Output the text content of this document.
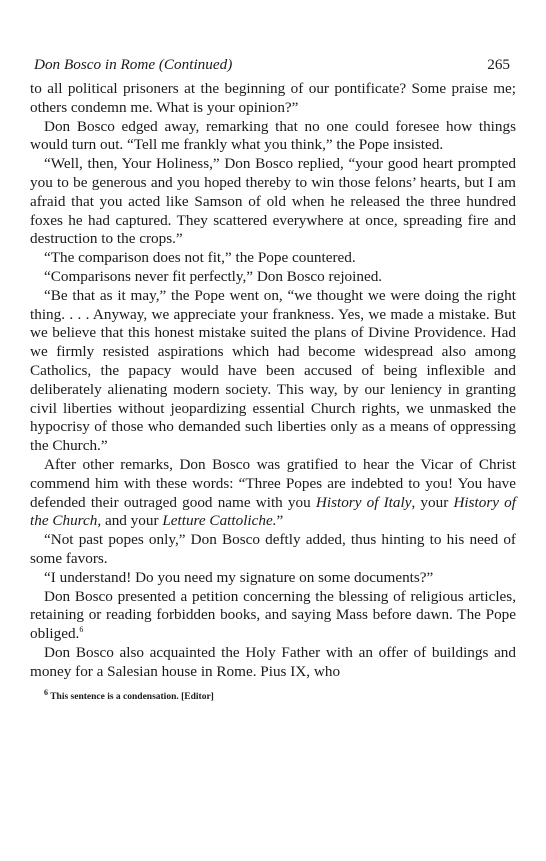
Don Bosco in Rome (Continued)	265

to all political prisoners at the beginning of our pontificate? Some praise me; others condemn me. What is your opinion?”

Don Bosco edged away, remarking that no one could foresee how things would turn out. “Tell me frankly what you think,” the Pope insisted.

“Well, then, Your Holiness,” Don Bosco replied, “your good heart prompted you to be generous and you hoped thereby to win those felons’ hearts, but I am afraid that you acted like Samson of old when he released the three hundred foxes he had captured. They scattered everywhere at once, spreading fire and destruction to the crops.”

“The comparison does not fit,” the Pope countered.

“Comparisons never fit perfectly,” Don Bosco rejoined.

“Be that as it may,” the Pope went on, “we thought we were doing the right thing. . . . Anyway, we appreciate your frankness. Yes, we made a mistake. But we believe that this honest mistake suited the plans of Divine Providence. Had we firmly resisted aspirations which had become widespread also among Catholics, the papacy would have been accused of being inflexible and deliberately alienating modern society. This way, by our leniency in granting civil liberties without jeopardizing essential Church rights, we unmasked the hypocrisy of those who demanded such liberties only as a means of oppressing the Church.”

After other remarks, Don Bosco was gratified to hear the Vicar of Christ commend him with these words: “Three Popes are indebted to you! You have defended their outraged good name with you History of Italy, your History of the Church, and your Letture Cattoliche.”

“Not past popes only,” Don Bosco deftly added, thus hinting to his need of some favors.

“I understand! Do you need my signature on some documents?”

Don Bosco presented a petition concerning the blessing of religious articles, retaining or reading forbidden books, and saying Mass before dawn. The Pope obliged.$^6$

Don Bosco also acquainted the Holy Father with an offer of buildings and money for a Salesian house in Rome. Pius IX, who

$^6$ This sentence is a condensation. [Editor]
